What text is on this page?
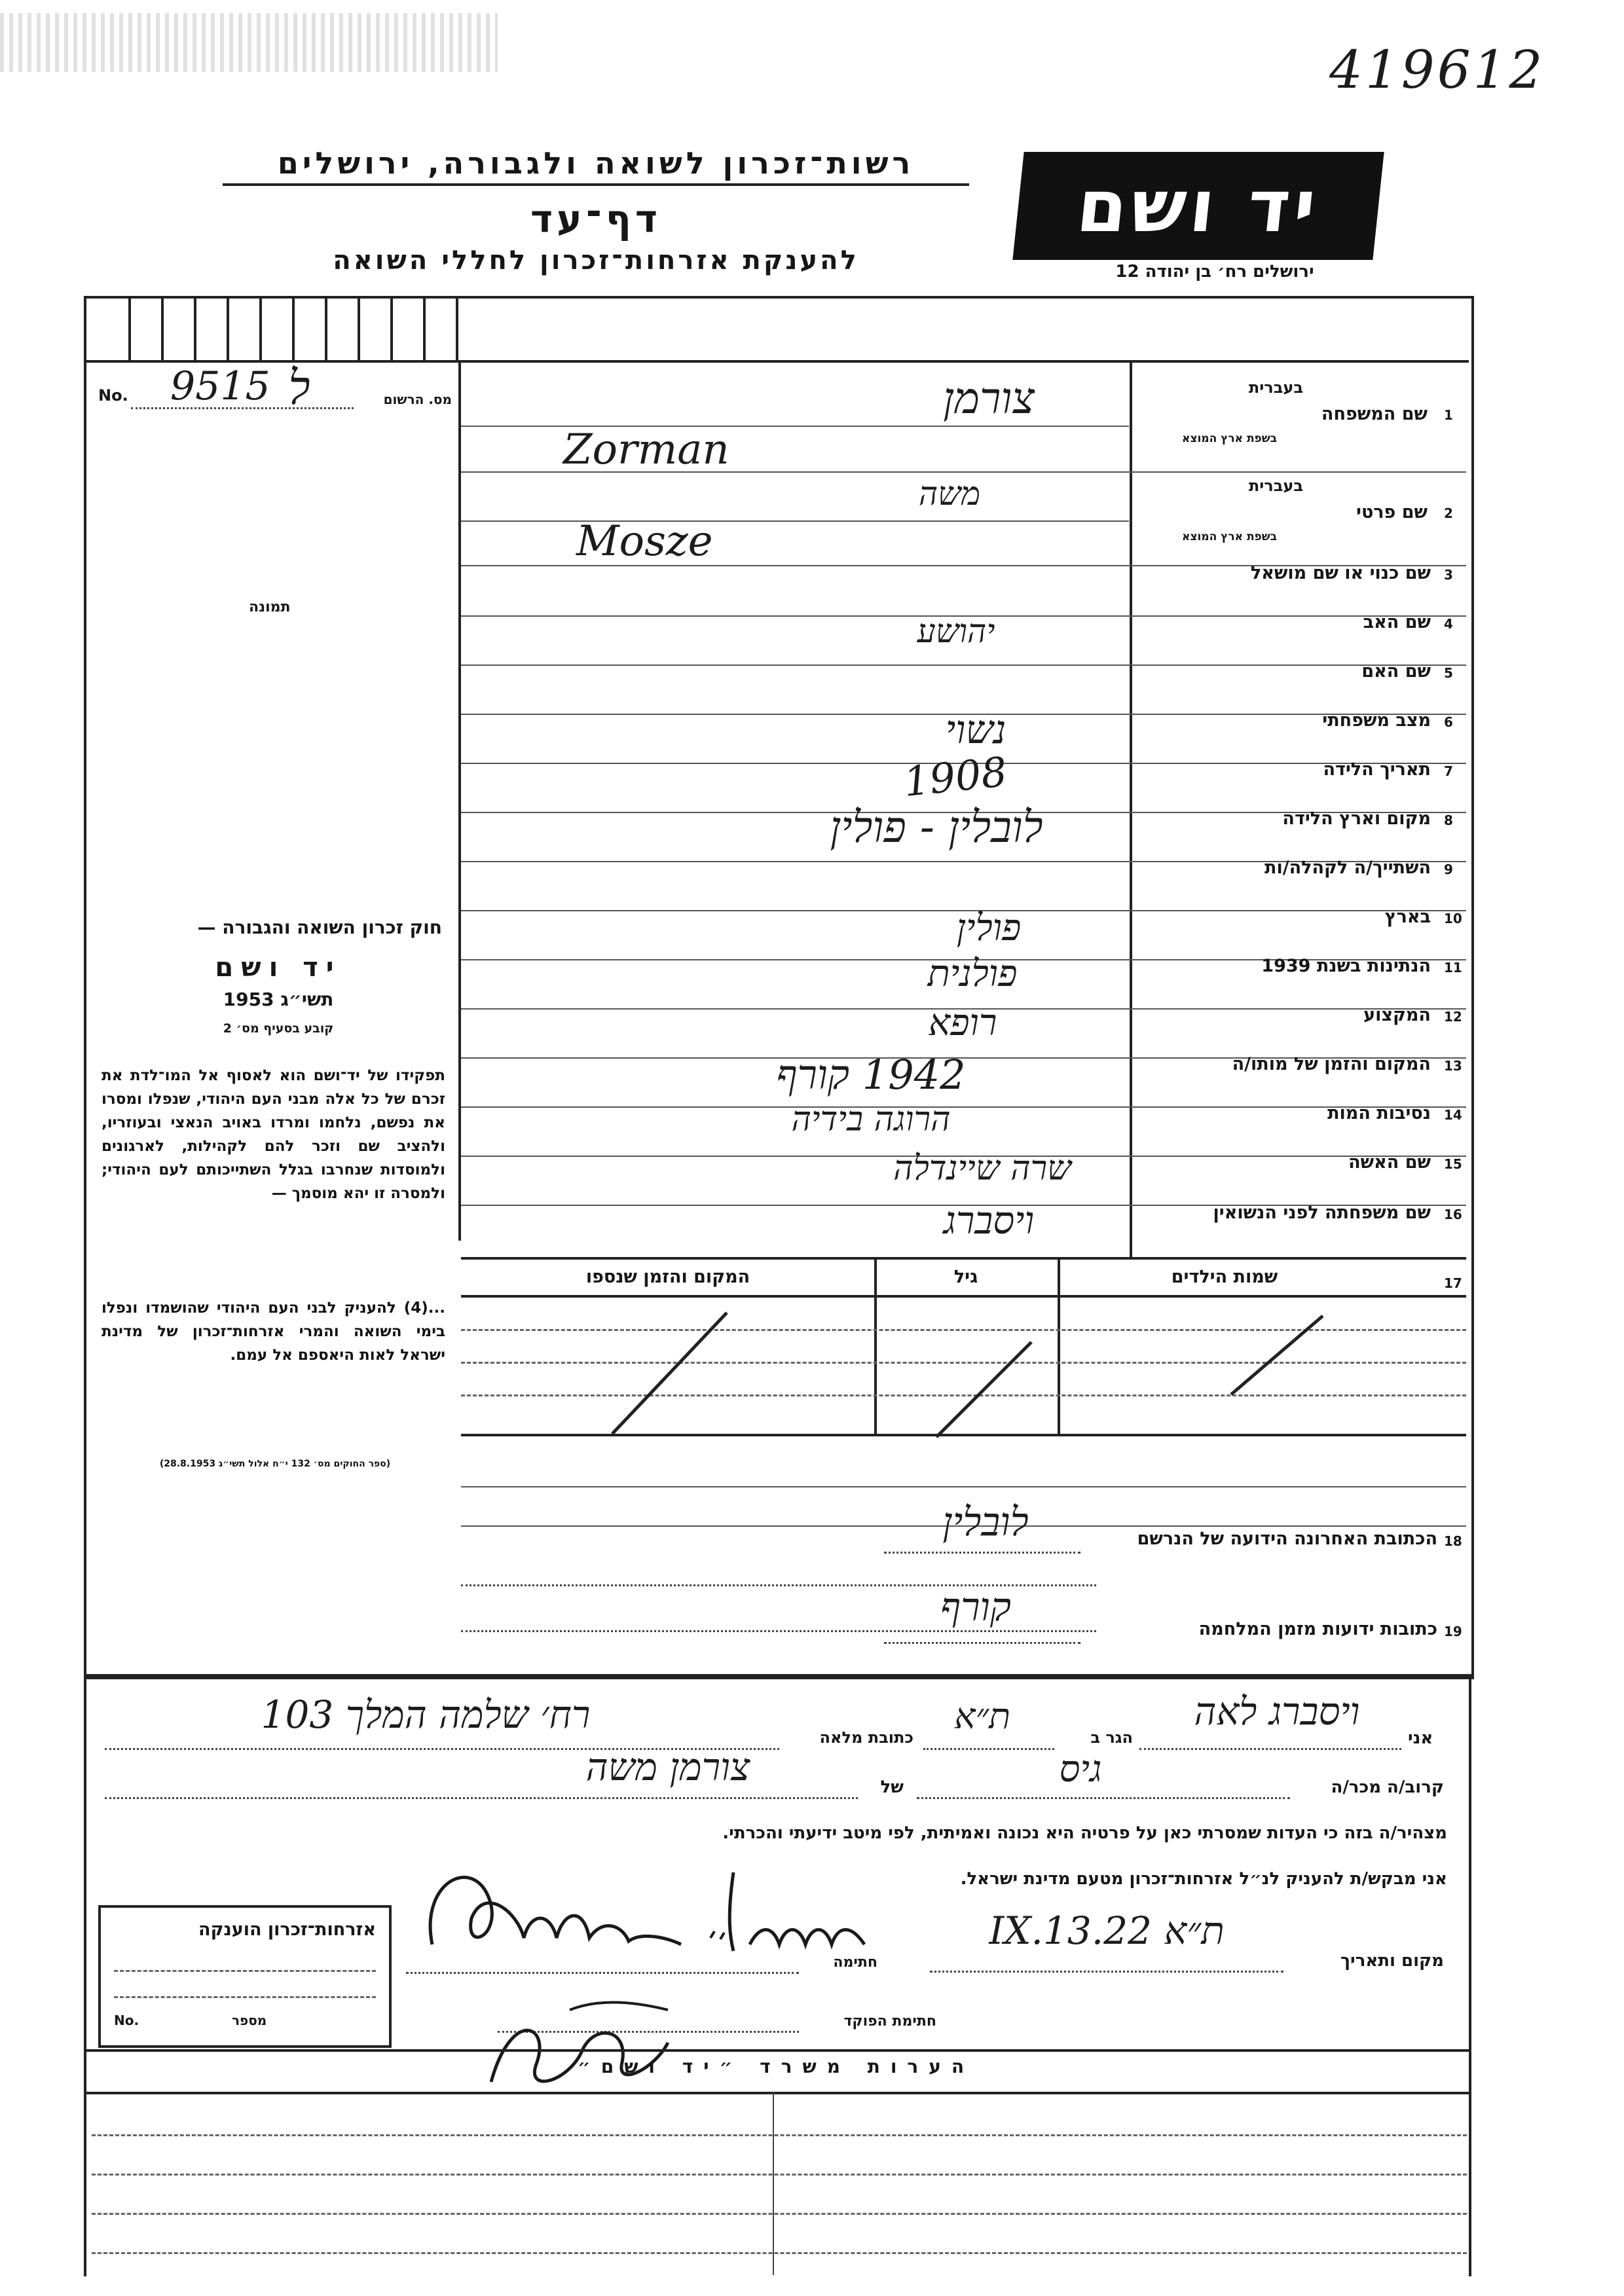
419612
רשות־זכרון לשואה ולגבורה, ירושלים
דף־עד
להענקת אזרחות־זכרון לחללי השואה
יד ושם
ירושלים רח׳ בן יהודה 12
No. 9515 ל	מס. הרשום
תמונה
בעברית
בשפת ארץ המוצא
שם המשפחה 1
צורמן
Zorman
בעברית
בשפת ארץ המוצא
שם פרטי 2
משה
Mosze
שם כנוי או שם מושאל 3
שם האב 4
יהושע
שם האם 5
מצב משפחתי 6
נשוי
תאריך הלידה 7
1908
מקום וארץ הלידה 8
לובלין - פולין
השתייך/ה לקהלה/ות 9
בארץ 10
פולין
הנתינות בשנת 1939 11
פולנית
המקצוע 12
רופא
המקום והזמן של מותו/ה 13
1942 קורף
נסיבות המות 14
הרוגה בידיה
שם האשה 15
שרה שיינדלה
שם משפחתה לפני הנשואין 16
ויסברג
17
שמות הילדים
גיל
המקום והזמן שנספו
18
הכתובת האחרונה הידועה של הנרשם
לובלין
19
כתובות ידועות מזמן המלחמה
קורף
חוק זכרון השואה והגבורה —
יד ושם
תשי״ג 1953
קובע בסעיף מס׳ 2
תפקידו של יד־ושם הוא לאסוף אל המו־לדת את זכרם של כל אלה מבני העם היהודי, שנפלו ומסרו את נפשם, נלחמו ומרדו באויב הנאצי ובעוזריו, ולהציב שם וזכר להם לקהילות, לארגונים ולמוסדות שנחרבו בגלל השתייכותם לעם היהודי; ולמסרה זו יהא מוסמך —
...(4) להעניק לבני העם היהודי שהושמדו ונפלו בימי השואה והמרי אזרחות־זכרון של מדינת ישראל לאות היאספם אל עמם.
(ספר החוקים מס׳ 132 י״ח אלול תשי״ג 28.8.1953)
אני
ויסברג לאה
הגר ב
ת״א
כתובת מלאה
רח׳ שלמה המלך 103
קרוב/ה מכר/ה
גיס
של
צורמן משה
מצהיר/ה בזה כי העדות שמסרתי כאן על פרטיה היא נכונה ואמיתית, לפי מיטב ידיעתי והכרתי.
אני מבקש/ת להעניק לנ״ל אזרחות־זכרון מטעם מדינת ישראל.
מקום ותאריך
ת״א 22.IX.13
חתימה
חתימת הפוקד
אזרחות־זכרון הוענקה
No.	מספר
הערות משרד ״יד ושם״
